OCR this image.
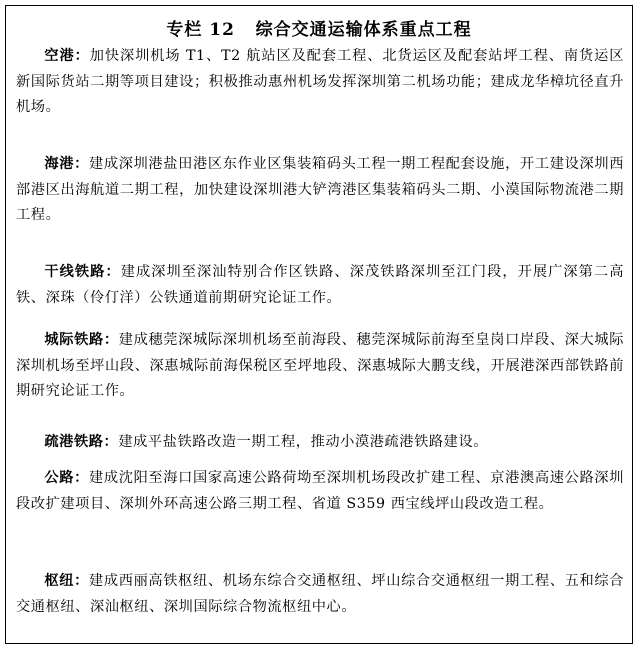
专栏 12   综合交通运输体系重点工程

空港：加快深圳机场 T1、T2 航站区及配套工程、北货运区及配套站坪工程、南货运区新国际货站二期等项目建设；积极推动惠州机场发挥深圳第二机场功能；建成龙华樟坑径直升机场。

海港：建成深圳港盐田港区东作业区集装箱码头工程一期工程配套设施，开工建设深圳西部港区出海航道二期工程，加快建设深圳港大铲湾港区集装箱码头二期、小漠国际物流港二期工程。

干线铁路：建成深圳至深汕特别合作区铁路、深茂铁路深圳至江门段，开展广深第二高铁、深珠（伶仃洋）公铁通道前期研究论证工作。

城际铁路：建成穗莞深城际深圳机场至前海段、穗莞深城际前海至皇岗口岸段、深大城际深圳机场至坪山段、深惠城际前海保税区至坪地段、深惠城际大鹏支线，开展港深西部铁路前期研究论证工作。

疏港铁路：建成平盐铁路改造一期工程，推动小漠港疏港铁路建设。

公路：建成沈阳至海口国家高速公路荷坳至深圳机场段改扩建工程、京港澳高速公路深圳段改扩建项目、深圳外环高速公路三期工程、省道 S359 西宝线坪山段改造工程。

枢纽：建成西丽高铁枢纽、机场东综合交通枢纽、坪山综合交通枢纽一期工程、五和综合交通枢纽、深汕枢纽、深圳国际综合物流枢纽中心。
